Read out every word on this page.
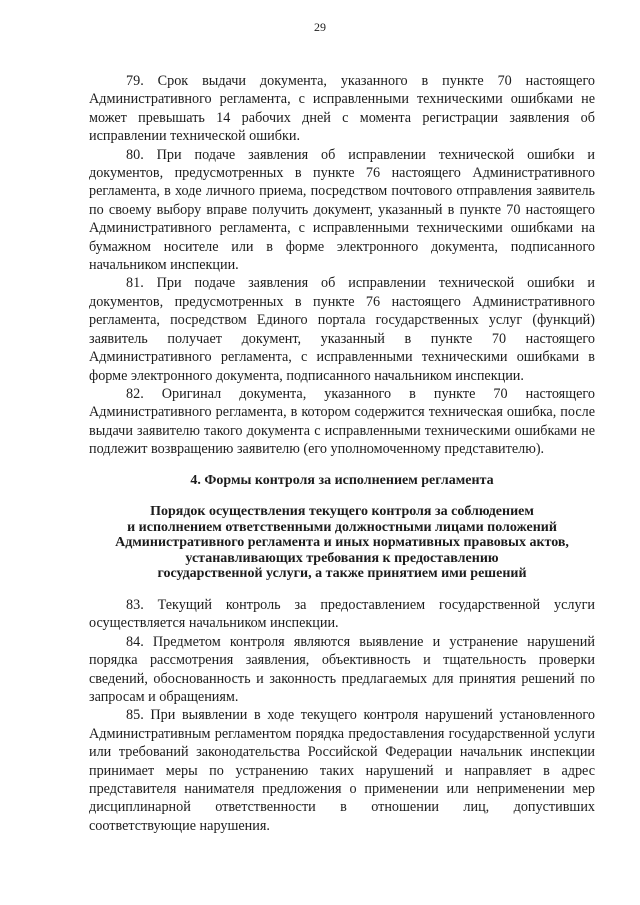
29

79. Срок выдачи документа, указанного в пункте 70 настоящего Административного регламента, с исправленными техническими ошибками не может превышать 14 рабочих дней с момента регистрации заявления об исправлении технической ошибки.

80. При подаче заявления об исправлении технической ошибки и документов, предусмотренных в пункте 76 настоящего Административного регламента, в ходе личного приема, посредством почтового отправления заявитель по своему выбору вправе получить документ, указанный в пункте 70 настоящего Административного регламента, с исправленными техническими ошибками на бумажном носителе или в форме электронного документа, подписанного начальником инспекции.

81. При подаче заявления об исправлении технической ошибки и документов, предусмотренных в пункте 76 настоящего Административного регламента, посредством Единого портала государственных услуг (функций) заявитель получает документ, указанный в пункте 70 настоящего Административного регламента, с исправленными техническими ошибками в форме электронного документа, подписанного начальником инспекции.

82. Оригинал документа, указанного в пункте 70 настоящего Административного регламента, в котором содержится техническая ошибка, после выдачи заявителю такого документа с исправленными техническими ошибками не подлежит возвращению заявителю (его уполномоченному представителю).

4. Формы контроля за исполнением регламента
Порядок осуществления текущего контроля за соблюдением
и исполнением ответственными должностными лицами положений
Административного регламента и иных нормативных правовых актов,
устанавливающих требования к предоставлению
государственной услуги, а также принятием ими решений

83. Текущий контроль за предоставлением государственной услуги осуществляется начальником инспекции.

84. Предметом контроля являются выявление и устранение нарушений порядка рассмотрения заявления, объективность и тщательность проверки сведений, обоснованность и законность предлагаемых для принятия решений по запросам и обращениям.

85. При выявлении в ходе текущего контроля нарушений установленного Административным регламентом порядка предоставления государственной услуги или требований законодательства Российской Федерации начальник инспекции принимает меры по устранению таких нарушений и направляет в адрес представителя нанимателя предложения о применении или неприменении мер дисциплинарной ответственности в отношении лиц, допустивших соответствующие нарушения.
